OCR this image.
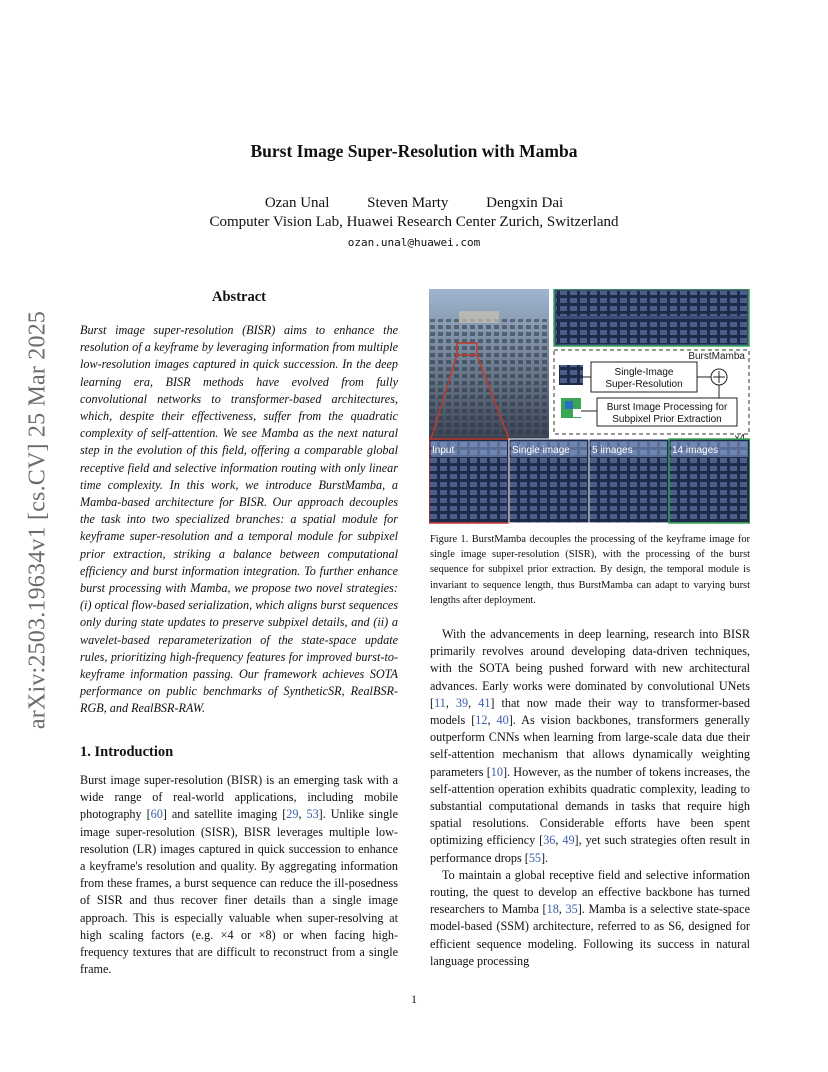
arXiv:2503.19634v1 [cs.CV] 25 Mar 2025
Burst Image Super-Resolution with Mamba
Ozan Unal	Steven Marty	Dengxin Dai
Computer Vision Lab, Huawei Research Center Zurich, Switzerland
ozan.unal@huawei.com
Abstract
Burst image super-resolution (BISR) aims to enhance the resolution of a keyframe by leveraging information from multiple low-resolution images captured in quick succession. In the deep learning era, BISR methods have evolved from fully convolutional networks to transformer-based architectures, which, despite their effectiveness, suffer from the quadratic complexity of self-attention. We see Mamba as the next natural step in the evolution of this field, offering a comparable global receptive field and selective information routing with only linear time complexity. In this work, we introduce BurstMamba, a Mamba-based architecture for BISR. Our approach decouples the task into two specialized branches: a spatial module for keyframe super-resolution and a temporal module for subpixel prior extraction, striking a balance between computational efficiency and burst information integration. To further enhance burst processing with Mamba, we propose two novel strategies: (i) optical flow-based serialization, which aligns burst sequences only during state updates to preserve subpixel details, and (ii) a wavelet-based reparameterization of the state-space update rules, prioritizing high-frequency features for improved burst-to-keyframe information passing. Our framework achieves SOTA performance on public benchmarks of SyntheticSR, RealBSR-RGB, and RealBSR-RAW.
1. Introduction

Burst image super-resolution (BISR) is an emerging task with a wide range of real-world applications, including mobile photography [60] and satellite imaging [29, 53]. Unlike single image super-resolution (SISR), BISR leverages multiple low-resolution (LR) images captured in quick succession to enhance a keyframe's resolution and quality. By aggregating information from these frames, a burst sequence can reduce the ill-posedness of SISR and thus recover finer details than a single image approach. This is especially valuable when super-resolving at high scaling factors (e.g. ×4 or ×8) or when facing high-frequency textures that are difficult to reconstruct from a single frame.

BurstMamba
Single-Image
Super-Resolution
Burst Image Processing for
Subpixel Prior Extraction
Input	Single image 5 images	14 images
Figure 1. BurstMamba decouples the processing of the keyframe image for single image super-resolution (SISR), with the processing of the burst sequence for subpixel prior extraction. By design, the temporal module is invariant to sequence length, thus BurstMamba can adapt to varying burst lengths after deployment.

With the advancements in deep learning, research into BISR primarily revolves around developing data-driven techniques, with the SOTA being pushed forward with new architectural advances. Early works were dominated by convolutional UNets [11, 39, 41] that now made their way to transformer-based models [12, 40]. As vision backbones, transformers generally outperform CNNs when learning from large-scale data due their self-attention mechanism that allows dynamically weighting parameters [10]. However, as the number of tokens increases, the self-attention operation exhibits quadratic complexity, leading to substantial computational demands in tasks that require high spatial resolutions. Considerable efforts have been spent optimizing efficiency [36, 49], yet such strategies often result in performance drops [55].

To maintain a global receptive field and selective information routing, the quest to develop an effective backbone has turned researchers to Mamba [18, 35]. Mamba is a selective state-space model-based (SSM) architecture, referred to as S6, designed for efficient sequence modeling. Following its success in natural language processing

1
